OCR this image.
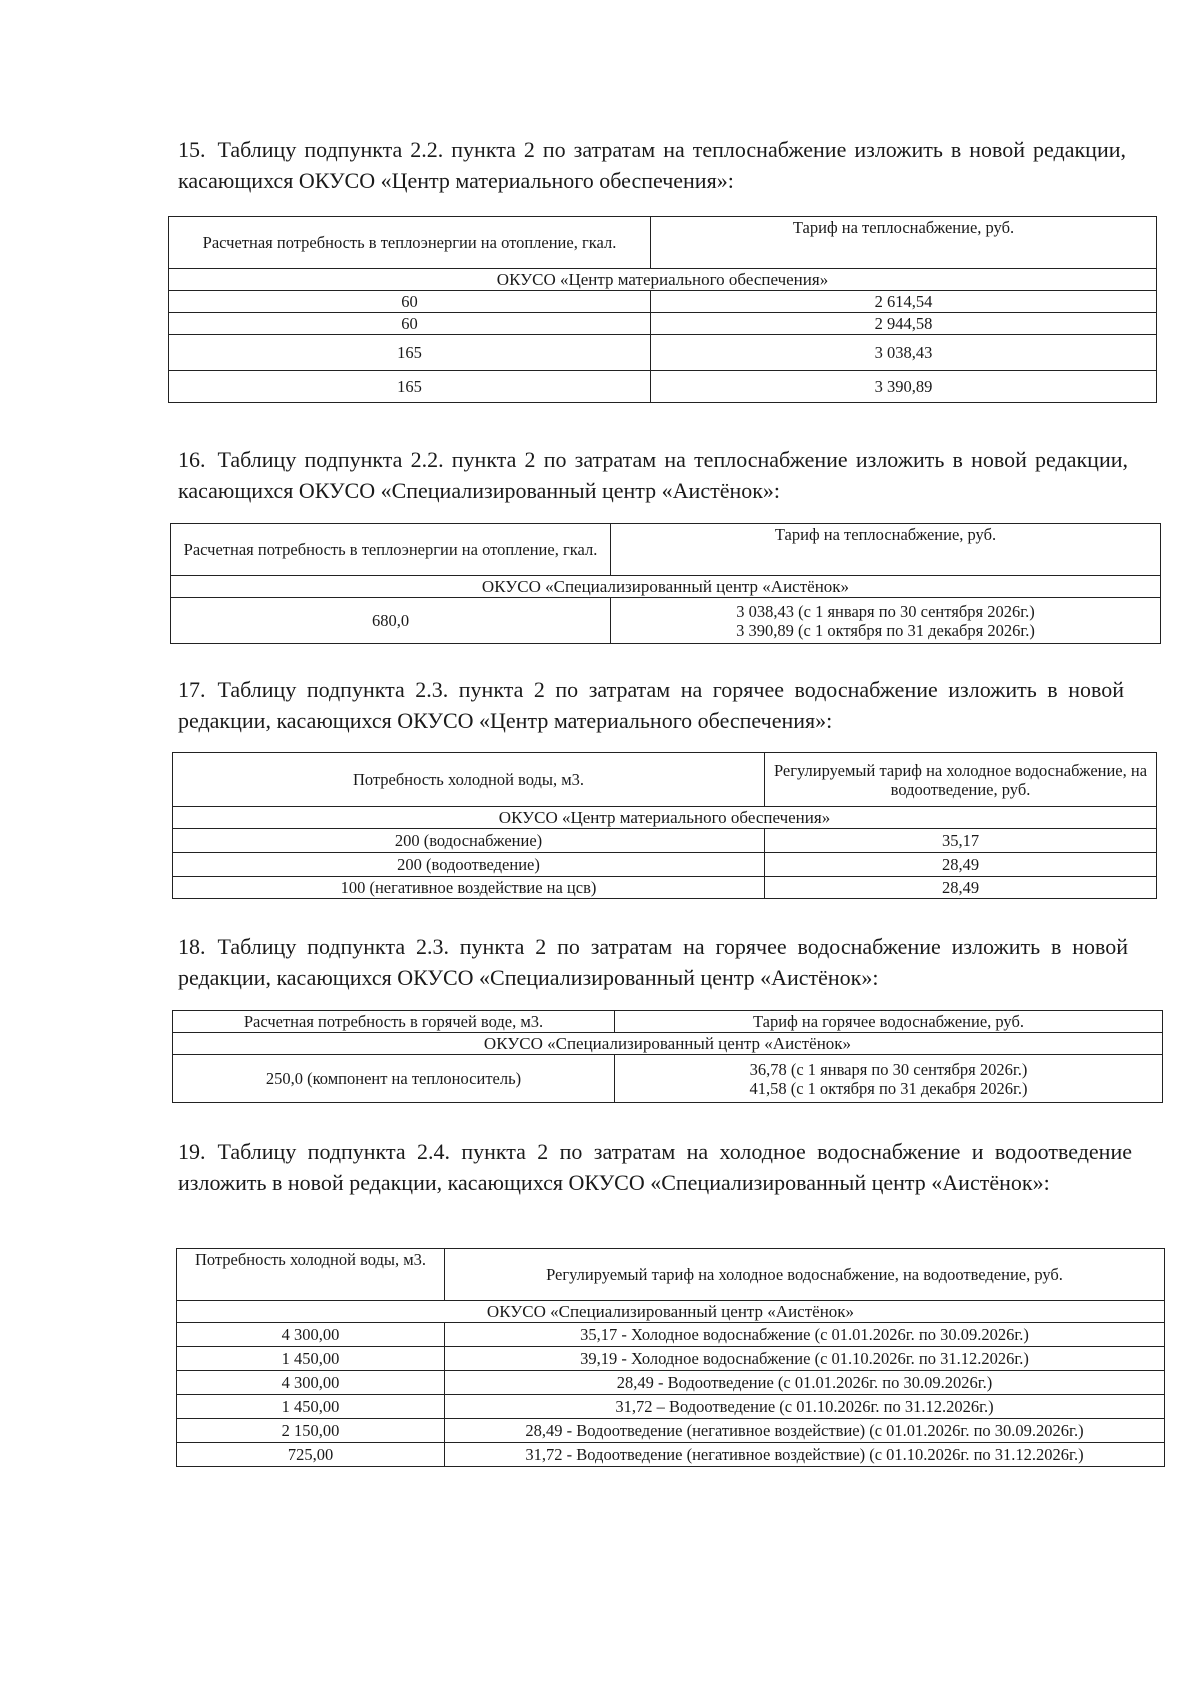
15. Таблицу подпункта 2.2. пункта 2 по затратам на теплоснабжение изложить в новой редакции, касающихся ОКУСО «Центр материального обеспечения»:
Расчетная потребность в теплоэнергии на отопление, гкал.	Тариф на теплоснабжение, руб.
ОКУСО «Центр материального обеспечения»	
60	2 614,54
60	2 944,58
165	3 038,43
165	3 390,89
16. Таблицу подпункта 2.2. пункта 2 по затратам на теплоснабжение изложить в новой редакции, касающихся ОКУСО «Специализированный центр «Аистёнок»:
Расчетная потребность в теплоэнергии на отопление, гкал.	Тариф на теплоснабжение, руб.
ОКУСО «Специализированный центр «Аистёнок»	
680,0	3 038,43 (с 1 января по 30 сентября 2026г.)
3 390,89 (с 1 октября по 31 декабря 2026г.)
17. Таблицу подпункта 2.3. пункта 2 по затратам на горячее водоснабжение изложить в новой редакции, касающихся ОКУСО «Центр материального обеспечения»:
Потребность холодной воды, м3.	Регулируемый тариф на холодное водоснабжение, на водоотведение, руб.
ОКУСО «Центр материального обеспечения»	
200 (водоснабжение)	35,17
200 (водоотведение)	28,49
100 (негативное воздействие на цсв)	28,49
18. Таблицу подпункта 2.3. пункта 2 по затратам на горячее водоснабжение изложить в новой редакции, касающихся ОКУСО «Специализированный центр «Аистёнок»:
Расчетная потребность в горячей воде, м3.	Тариф на горячее водоснабжение, руб.
ОКУСО «Специализированный центр «Аистёнок»	
250,0 (компонент на теплоноситель)	36,78 (с 1 января по 30 сентября 2026г.)
41,58 (с 1 октября по 31 декабря 2026г.)
19. Таблицу подпункта 2.4. пункта 2 по затратам на холодное водоснабжение и водоотведение изложить в новой редакции, касающихся ОКУСО «Специализированный центр «Аистёнок»:
Потребность холодной воды, м3.	Регулируемый тариф на холодное водоснабжение, на водоотведение, руб.
ОКУСО «Специализированный центр «Аистёнок»	
4 300,00	35,17 - Холодное водоснабжение (с 01.01.2026г. по 30.09.2026г.)
1 450,00	39,19 - Холодное водоснабжение (с 01.10.2026г. по 31.12.2026г.)
4 300,00	28,49 - Водоотведение (с 01.01.2026г. по 30.09.2026г.)
1 450,00	31,72 – Водоотведение (с 01.10.2026г. по 31.12.2026г.)
2 150,00	28,49 - Водоотведение (негативное воздействие) (с 01.01.2026г. по 30.09.2026г.)
725,00	31,72 - Водоотведение (негативное воздействие) (с 01.10.2026г. по 31.12.2026г.)
